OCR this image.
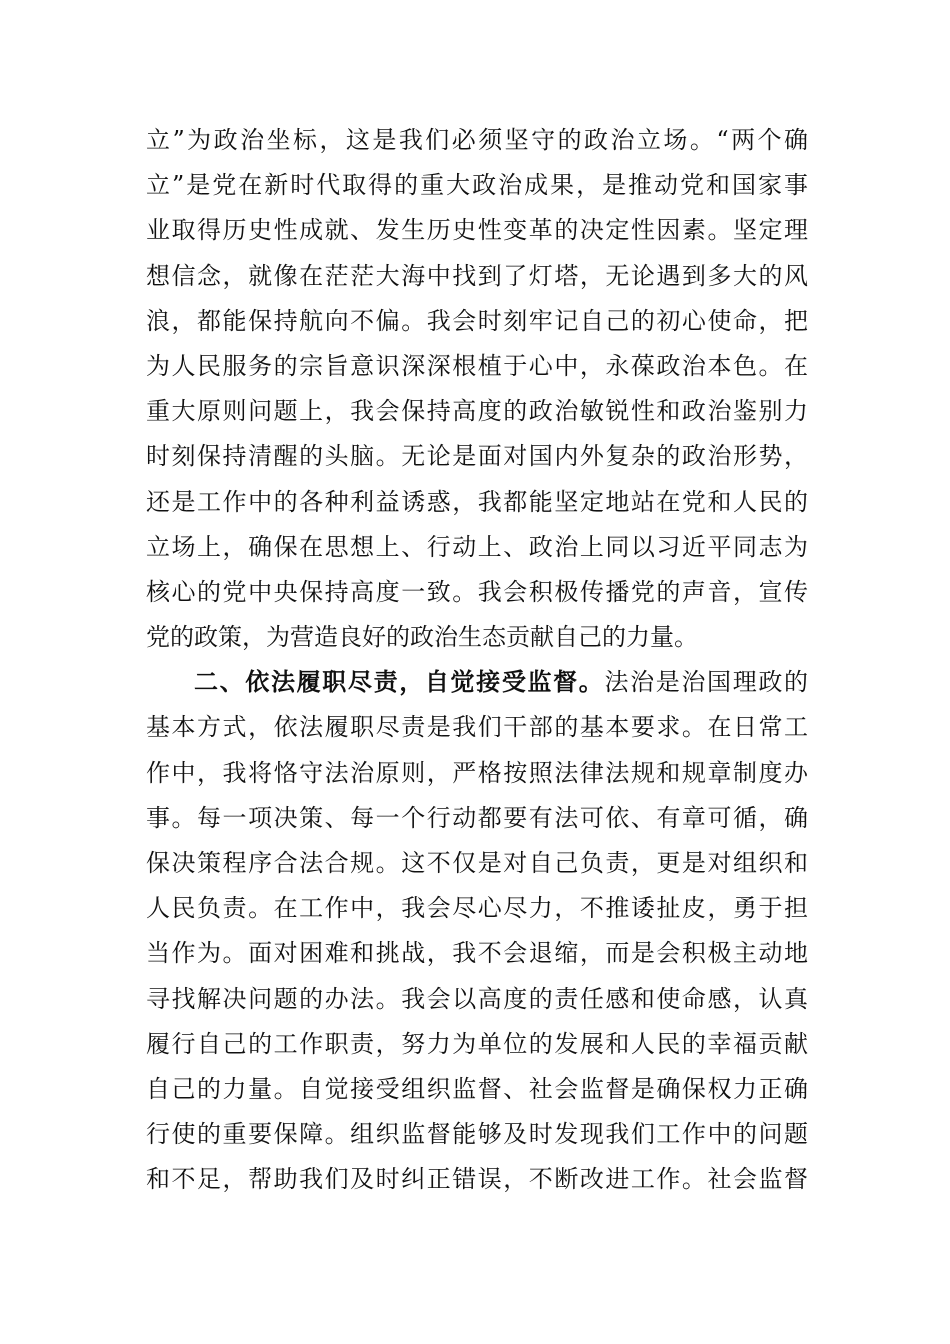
立”为政治坐标，这是我们必须坚守的政治立场。“两个确
立”是党在新时代取得的重大政治成果，是推动党和国家事
业取得历史性成就、发生历史性变革的决定性因素。坚定理
想信念，就像在茫茫大海中找到了灯塔，无论遇到多大的风
浪，都能保持航向不偏。我会时刻牢记自己的初心使命，把
为人民服务的宗旨意识深深根植于心中，永葆政治本色。在
重大原则问题上，我会保持高度的政治敏锐性和政治鉴别力
时刻保持清醒的头脑。无论是面对国内外复杂的政治形势，
还是工作中的各种利益诱惑，我都能坚定地站在党和人民的
立场上，确保在思想上、行动上、政治上同以习近平同志为
核心的党中央保持高度一致。我会积极传播党的声音，宣传
党的政策，为营造良好的政治生态贡献自己的力量。
二、依法履职尽责，自觉接受监督。法治是治国理政的
基本方式，依法履职尽责是我们干部的基本要求。在日常工
作中，我将恪守法治原则，严格按照法律法规和规章制度办
事。每一项决策、每一个行动都要有法可依、有章可循，确
保决策程序合法合规。这不仅是对自己负责，更是对组织和
人民负责。在工作中，我会尽心尽力，不推诿扯皮，勇于担
当作为。面对困难和挑战，我不会退缩，而是会积极主动地
寻找解决问题的办法。我会以高度的责任感和使命感，认真
履行自己的工作职责，努力为单位的发展和人民的幸福贡献
自己的力量。自觉接受组织监督、社会监督是确保权力正确
行使的重要保障。组织监督能够及时发现我们工作中的问题
和不足，帮助我们及时纠正错误，不断改进工作。社会监督
